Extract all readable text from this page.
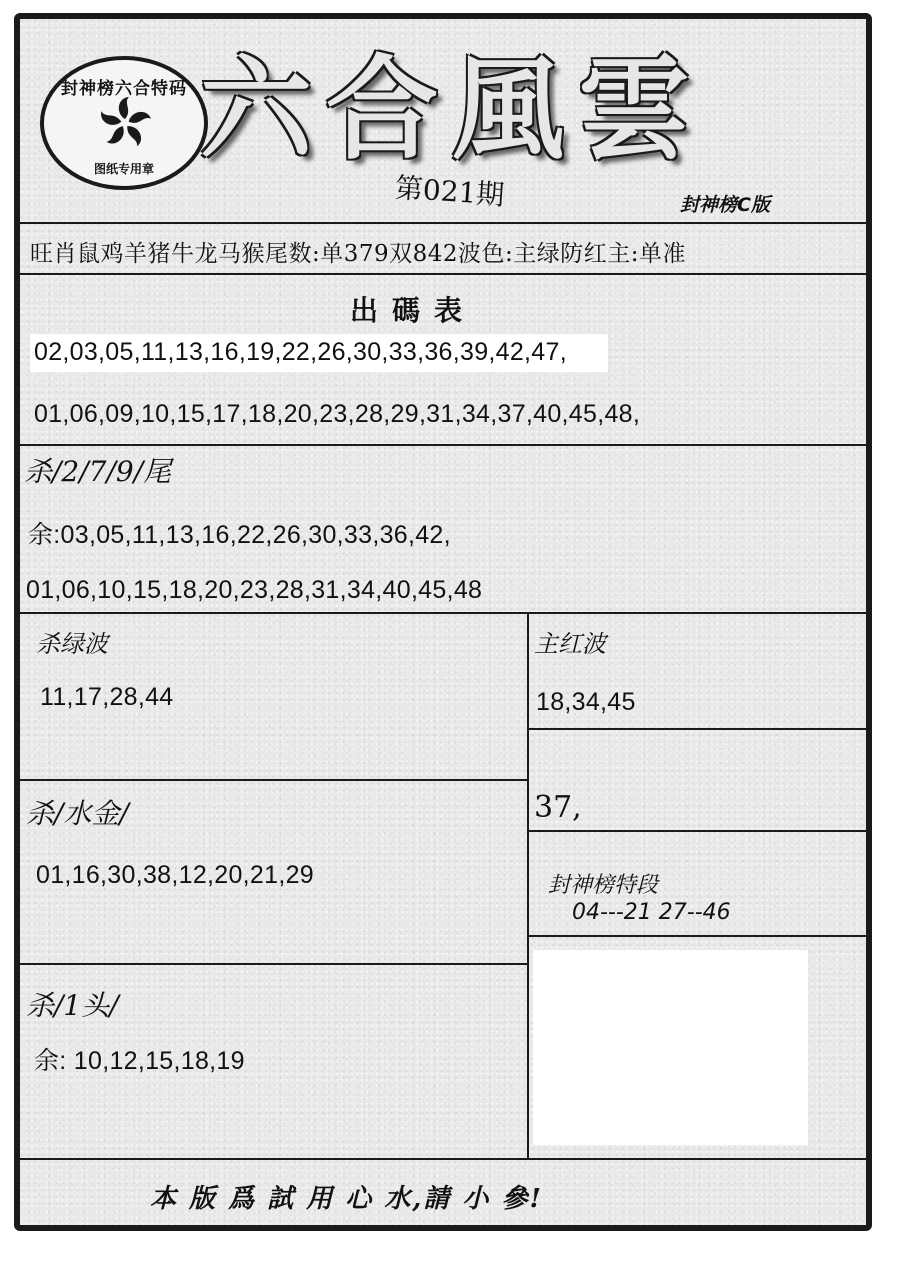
封神榜六合特码
图纸专用章 六合風雲
第021期	封神榜C版
旺肖鼠鸡羊猪牛龙马猴尾数:单379双842波色:主绿防红主:单准
出碼表
02,03,05,11,13,16,19,22,26,30,33,36,39,42,47,
01,06,09,10,15,17,18,20,23,28,29,31,34,37,40,45,48,
杀/2/7/9/尾
余:03,05,11,13,16,22,26,30,33,36,42,
01,06,10,15,18,20,23,28,31,34,40,45,48
杀绿波
11,17,28,44
主红波
18,34,45
37,
杀/水金/
01,16,30,38,12,20,21,29	封神榜特段
04---21 27--46
杀/1头/
余: 10,12,15,18,19
本 版 爲 試 用 心 水,請 小 參!
